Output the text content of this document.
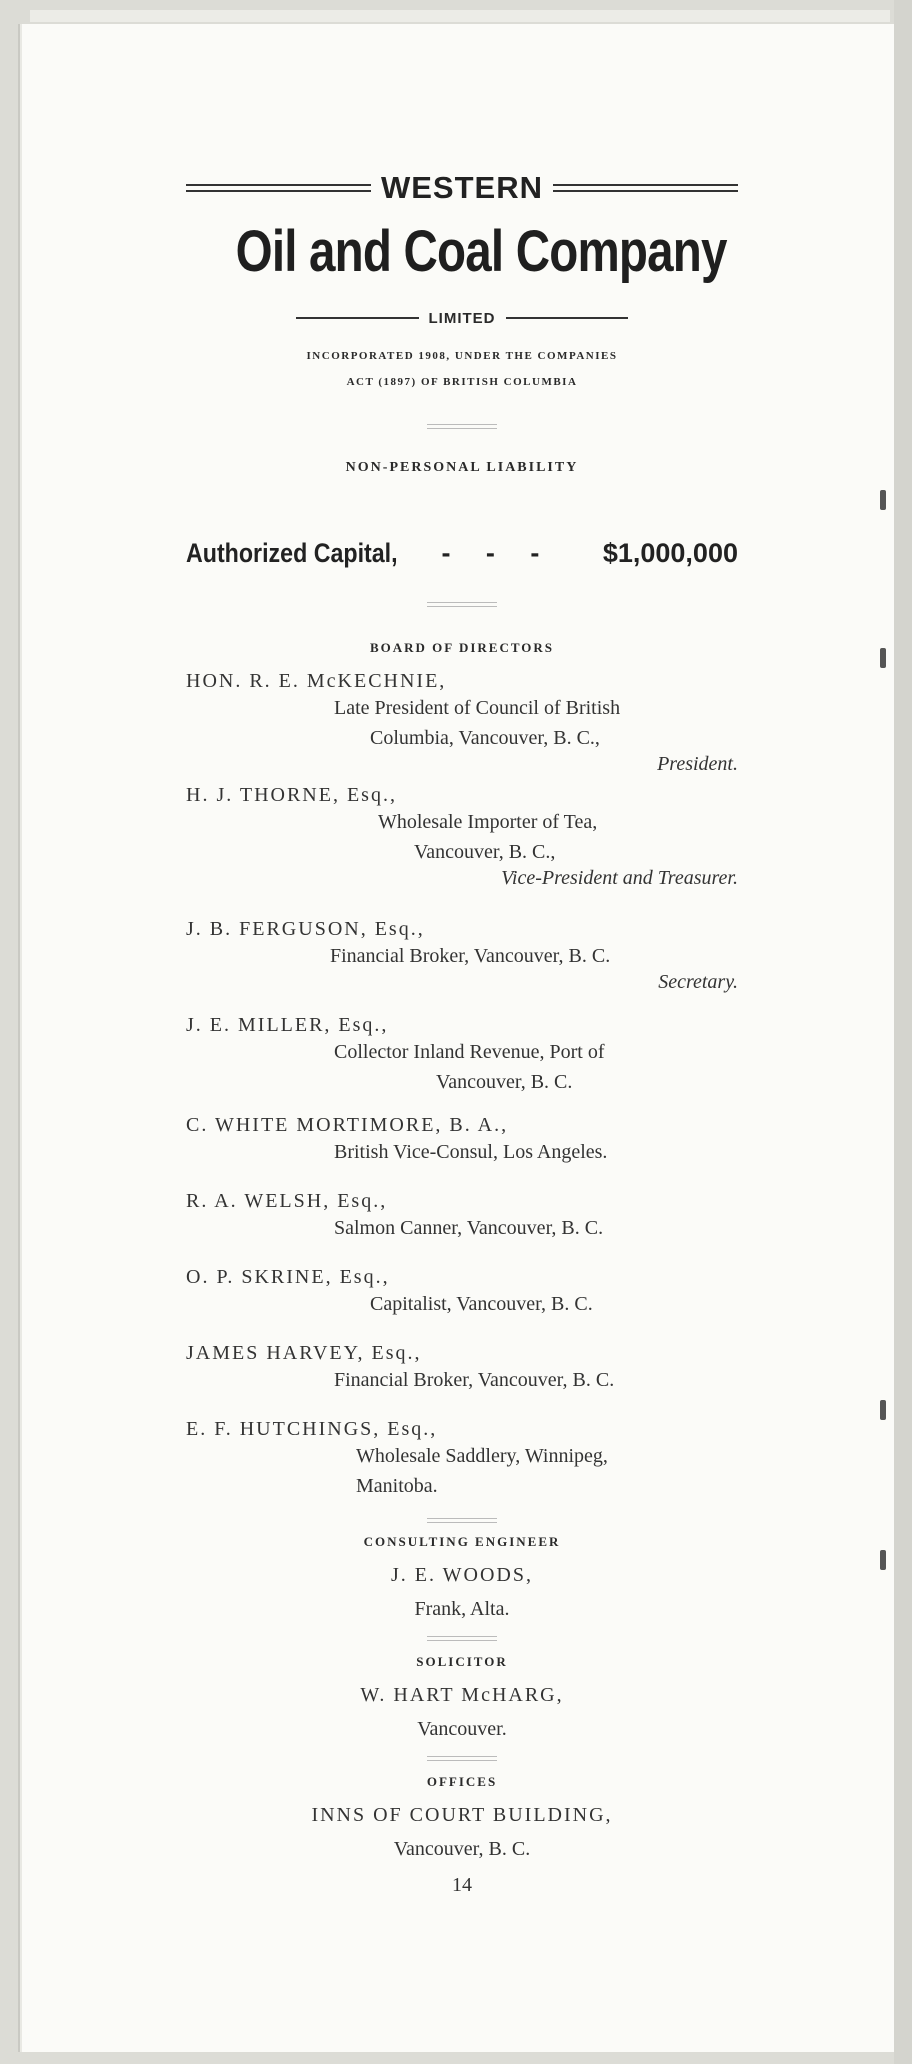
WESTERN
Oil and Coal Company
LIMITED
INCORPORATED 1908, UNDER THE COMPANIES
ACT (1897) OF BRITISH COLUMBIA
NON-PERSONAL LIABILITY
Authorized Capital, - - - $1,000,000
BOARD OF DIRECTORS
HON. R. E. McKECHNIE,
Late President of Council of British
Columbia, Vancouver, B. C.,
President.
H. J. THORNE, Esq.,
Wholesale Importer of Tea,
Vancouver, B. C.,
Vice-President and Treasurer.
J. B. FERGUSON, Esq.,
Financial Broker, Vancouver, B. C.
Secretary.
J. E. MILLER, Esq.,
Collector Inland Revenue, Port of
Vancouver, B. C.
C. WHITE MORTIMORE, B. A.,
British Vice-Consul, Los Angeles.
R. A. WELSH, Esq.,
Salmon Canner, Vancouver, B. C.
O. P. SKRINE, Esq.,
Capitalist, Vancouver, B. C.
JAMES HARVEY, Esq.,
Financial Broker, Vancouver, B. C.
E. F. HUTCHINGS, Esq.,
Wholesale Saddlery, Winnipeg,
Manitoba.
CONSULTING ENGINEER
J. E. WOODS,
Frank, Alta.
SOLICITOR
W. HART McHARG,
Vancouver.
OFFICES
INNS OF COURT BUILDING,
Vancouver, B. C.
14
